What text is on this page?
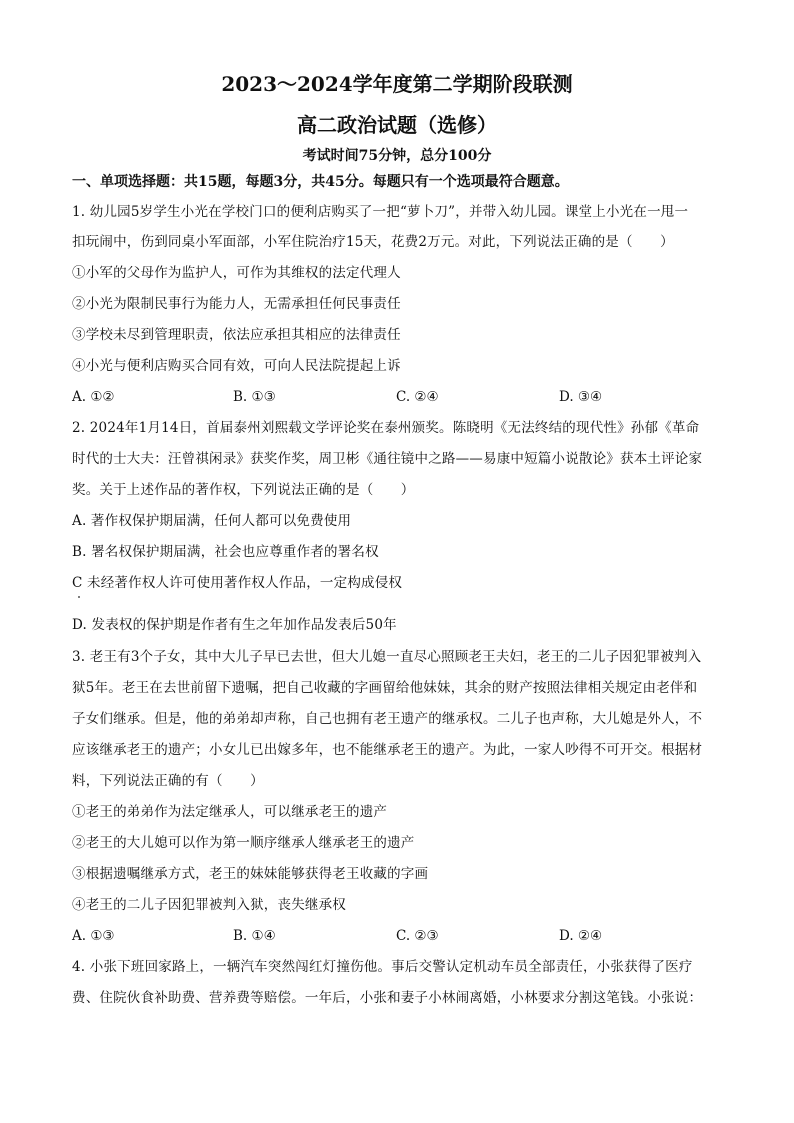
2023～2024学年度第二学期阶段联测
高二政治试题（选修）
考试时间75分钟，总分100分
一、单项选择题：共15题，每题3分，共45分。每题只有一个选项最符合题意。
1. 幼儿园5岁学生小光在学校门口的便利店购买了一把“萝卜刀”，并带入幼儿园。课堂上小光在一甩一
扣玩闹中，伤到同桌小军面部，小军住院治疗15天，花费2万元。对此，下列说法正确的是（　　）
①小军的父母作为监护人，可作为其维权的法定代理人
②小光为限制民事行为能力人，无需承担任何民事责任
③学校未尽到管理职责，依法应承担其相应的法律责任
④小光与便利店购买合同有效，可向人民法院提起上诉
A. ①②	B. ①③	C. ②④	D. ③④
2. 2024年1月14日，首届泰州刘熙载文学评论奖在泰州颁奖。陈晓明《无法终结的现代性》孙郁《革命
时代的士大夫：汪曾祺闲录》获奖作奖，周卫彬《通往镜中之路——易康中短篇小说散论》获本土评论家
奖。关于上述作品的著作权，下列说法正确的是（　　）
A. 著作权保护期届满，任何人都可以免费使用
B. 署名权保护期届满，社会也应尊重作者的署名权
C 未经著作权人许可使用著作权人作品，一定构成侵权
D. 发表权的保护期是作者有生之年加作品发表后50年
3. 老王有3个子女，其中大儿子早已去世，但大儿媳一直尽心照顾老王夫妇，老王的二儿子因犯罪被判入
狱5年。老王在去世前留下遗嘱，把自己收藏的字画留给他妹妹，其余的财产按照法律相关规定由老伴和
子女们继承。但是，他的弟弟却声称，自己也拥有老王遗产的继承权。二儿子也声称，大儿媳是外人，不
应该继承老王的遗产；小女儿已出嫁多年，也不能继承老王的遗产。为此，一家人吵得不可开交。根据材
料，下列说法正确的有（　　）
①老王的弟弟作为法定继承人，可以继承老王的遗产
②老王的大儿媳可以作为第一顺序继承人继承老王的遗产
③根据遗嘱继承方式，老王的妹妹能够获得老王收藏的字画
④老王的二儿子因犯罪被判入狱，丧失继承权
A. ①③	B. ①④	C. ②③	D. ②④
4. 小张下班回家路上，一辆汽车突然闯红灯撞伤他。事后交警认定机动车员全部责任，小张获得了医疗
费、住院伙食补助费、营养费等赔偿。一年后，小张和妻子小林闹离婚，小林要求分割这笔钱。小张说：
